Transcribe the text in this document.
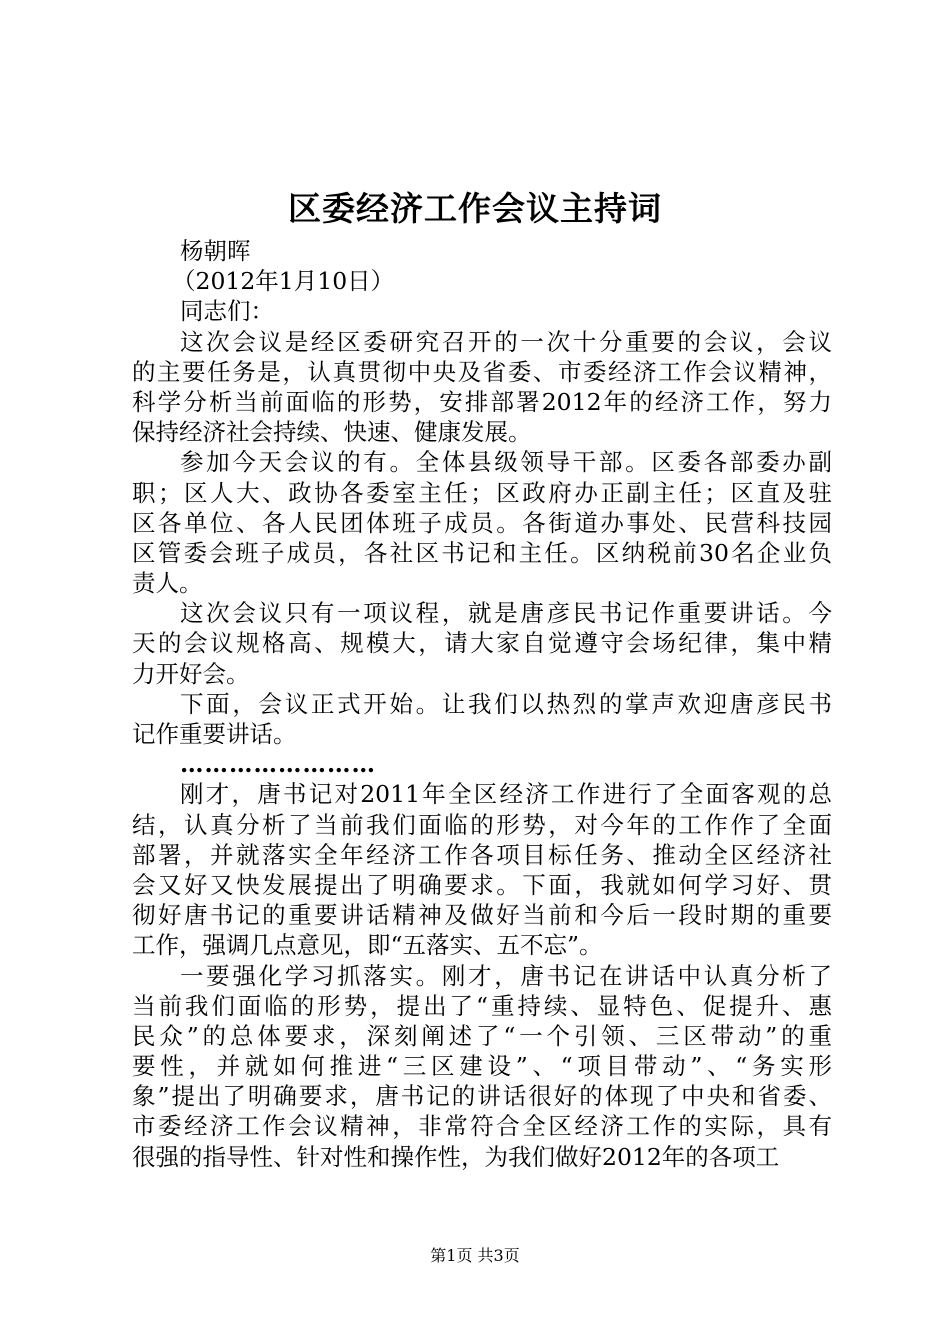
区委经济工作会议主持词
杨朝晖
（2012年1月10日）
同志们：
这次会议是经区委研究召开的一次十分重要的会议，会议
的主要任务是，认真贯彻中央及省委、市委经济工作会议精神，
科学分析当前面临的形势，安排部署2012年的经济工作，努力
保持经济社会持续、快速、健康发展。
参加今天会议的有。全体县级领导干部。区委各部委办副
职；区人大、政协各委室主任；区政府办正副主任；区直及驻
区各单位、各人民团体班子成员。各街道办事处、民营科技园
区管委会班子成员，各社区书记和主任。区纳税前30名企业负
责人。
这次会议只有一项议程，就是唐彦民书记作重要讲话。今
天的会议规格高、规模大，请大家自觉遵守会场纪律，集中精
力开好会。
下面，会议正式开始。让我们以热烈的掌声欢迎唐彦民书
记作重要讲话。
……………………
刚才，唐书记对2011年全区经济工作进行了全面客观的总
结，认真分析了当前我们面临的形势，对今年的工作作了全面
部署，并就落实全年经济工作各项目标任务、推动全区经济社
会又好又快发展提出了明确要求。下面，我就如何学习好、贯
彻好唐书记的重要讲话精神及做好当前和今后一段时期的重要
工作，强调几点意见，即“五落实、五不忘”。
一要强化学习抓落实。刚才，唐书记在讲话中认真分析了
当前我们面临的形势，提出了“重持续、显特色、促提升、惠
民众”的总体要求，深刻阐述了“一个引领、三区带动”的重
要性，并就如何推进“三区建设”、“项目带动”、“务实形
象”提出了明确要求，唐书记的讲话很好的体现了中央和省委、
市委经济工作会议精神，非常符合全区经济工作的实际，具有
很强的指导性、针对性和操作性，为我们做好2012年的各项工
第1页 共3页
